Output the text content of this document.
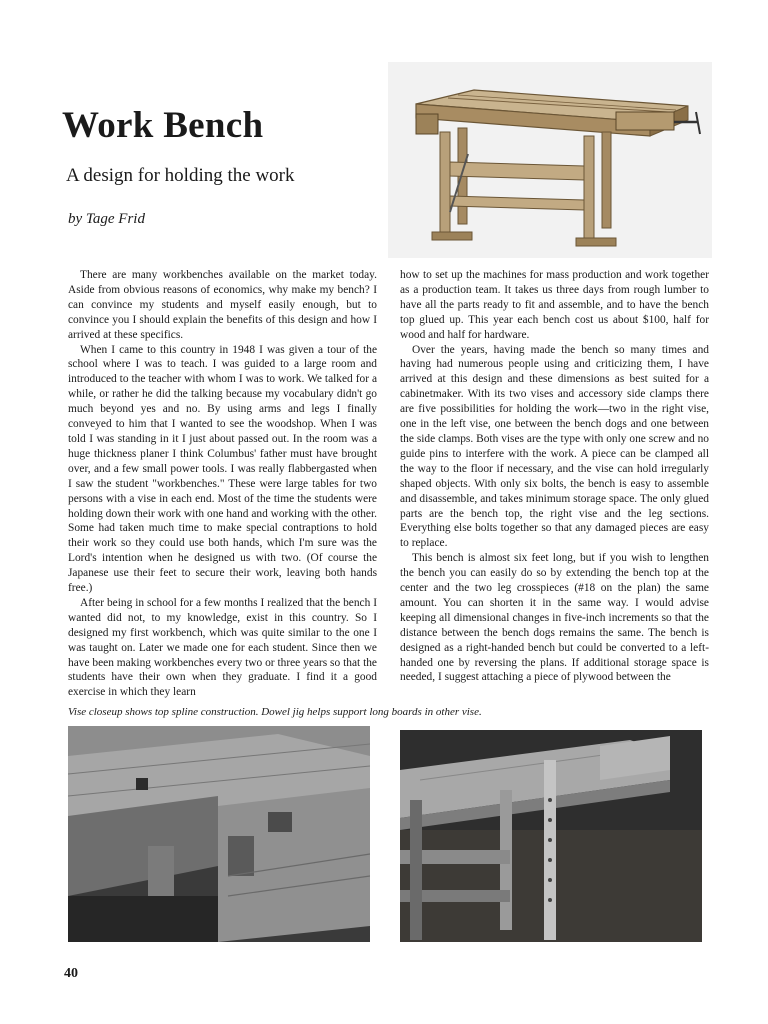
Work Bench
A design for holding the work
by Tage Frid

There are many workbenches available on the market today. Aside from obvious reasons of economics, why make my bench? I can convince my students and myself easily enough, but to convince you I should explain the benefits of this design and how I arrived at these specifics.

When I came to this country in 1948 I was given a tour of the school where I was to teach. I was guided to a large room and introduced to the teacher with whom I was to work. We talked for a while, or rather he did the talking because my vocabulary didn't go much beyond yes and no. By using arms and legs I finally conveyed to him that I wanted to see the woodshop. When I was told I was standing in it I just about passed out. In the room was a huge thickness planer I think Columbus' father must have brought over, and a few small power tools. I was really flabbergasted when I saw the student "workbenches." These were large tables for two persons with a vise in each end. Most of the time the students were holding down their work with one hand and working with the other. Some had taken much time to make special contraptions to hold their work so they could use both hands, which I'm sure was the Lord's intention when he designed us with two. (Of course the Japanese use their feet to secure their work, leaving both hands free.)

After being in school for a few months I realized that the bench I wanted did not, to my knowledge, exist in this country. So I designed my first workbench, which was quite similar to the one I was taught on. Later we made one for each student. Since then we have been making workbenches every two or three years so that the students have their own when they graduate. I find it a good exercise in which they learn

how to set up the machines for mass production and work together as a production team. It takes us three days from rough lumber to have all the parts ready to fit and assemble, and to have the bench top glued up. This year each bench cost us about $100, half for wood and half for hardware.

Over the years, having made the bench so many times and having had numerous people using and criticizing them, I have arrived at this design and these dimensions as best suited for a cabinetmaker. With its two vises and accessory side clamps there are five possibilities for holding the work—two in the right vise, one in the left vise, one between the bench dogs and one between the side clamps. Both vises are the type with only one screw and no guide pins to interfere with the work. A piece can be clamped all the way to the floor if necessary, and the vise can hold irregularly shaped objects. With only six bolts, the bench is easy to assemble and disassemble, and takes minimum storage space. The only glued parts are the bench top, the right vise and the leg sections. Everything else bolts together so that any damaged pieces are easy to replace.

This bench is almost six feet long, but if you wish to lengthen the bench you can easily do so by extending the bench top at the center and the two leg crosspieces (#18 on the plan) the same amount. You can shorten it in the same way. I would advise keeping all dimensional changes in five-inch increments so that the distance between the bench dogs remains the same. The bench is designed as a right-handed bench but could be converted to a left-handed one by reversing the plans. If additional storage space is needed, I suggest attaching a piece of plywood between the

Vise closeup shows top spline construction. Dowel jig helps support long boards in other vise.
40
